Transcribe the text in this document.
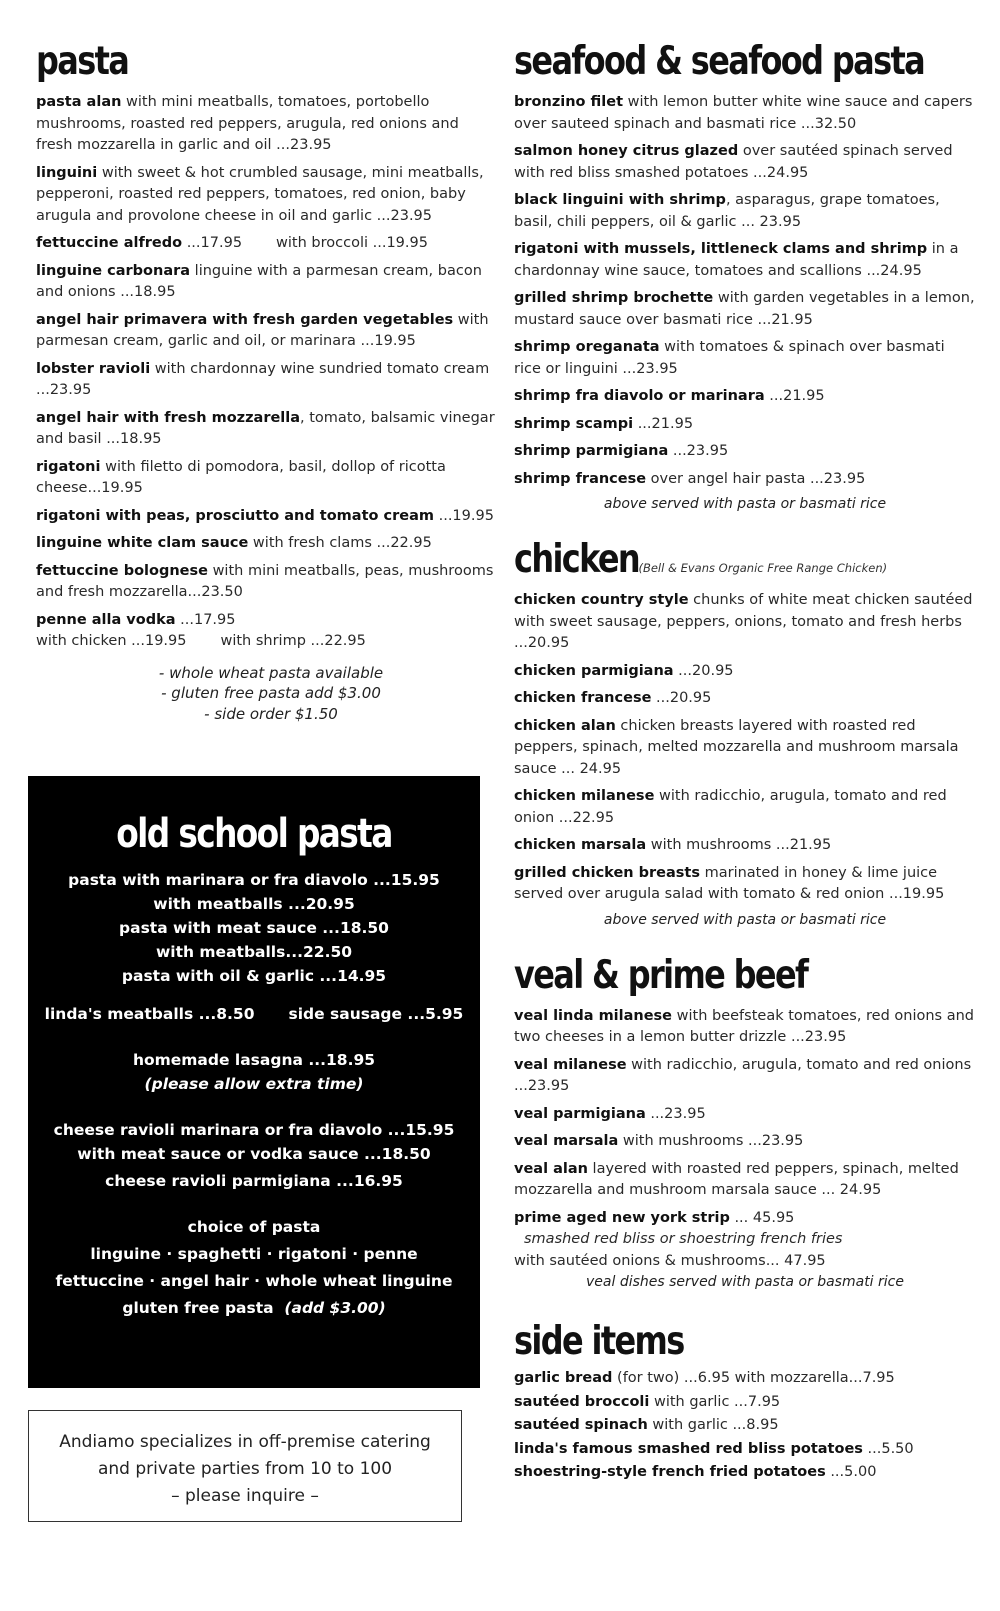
pasta
pasta alan with mini meatballs, tomatoes, portobello mushrooms, roasted red peppers, arugula, red onions and fresh mozzarella in garlic and oil ...23.95
linguini with sweet & hot crumbled sausage, mini meatballs, pepperoni, roasted red peppers, tomatoes, red onion, baby arugula and provolone cheese in oil and garlic ...23.95
fettuccine alfredo ...17.95 with broccoli ...19.95
linguine carbonara linguine with a parmesan cream, bacon and onions ...18.95
angel hair primavera with fresh garden vegetables with parmesan cream, garlic and oil, or marinara ...19.95
lobster ravioli with chardonnay wine sundried tomato cream ...23.95
angel hair with fresh mozzarella, tomato, balsamic vinegar and basil ...18.95
rigatoni with filetto di pomodora, basil, dollop of ricotta cheese...19.95
rigatoni with peas, prosciutto and tomato cream ...19.95
linguine white clam sauce with fresh clams ...22.95
fettuccine bolognese with mini meatballs, peas, mushrooms and fresh mozzarella...23.50
penne alla vodka ...17.95
with chicken ...19.95 with shrimp ...22.95
- whole wheat pasta available
- gluten free pasta add $3.00
- side order $1.50
old school pasta
pasta with marinara or fra diavolo ...15.95
with meatballs ...20.95
pasta with meat sauce ...18.50
with meatballs...22.50
pasta with oil & garlic ...14.95
linda's meatballs ...8.50 side sausage ...5.95
homemade lasagna ...18.95
(please allow extra time)
cheese ravioli marinara or fra diavolo ...15.95
with meat sauce or vodka sauce ...18.50
cheese ravioli parmigiana ...16.95
choice of pasta
linguine · spaghetti · rigatoni · penne
fettuccine · angel hair · whole wheat linguine
gluten free pasta (add $3.00)
Andiamo specializes in off-premise catering
and private parties from 10 to 100
– please inquire –
seafood & seafood pasta
bronzino filet with lemon butter white wine sauce and capers over sauteed spinach and basmati rice ...32.50
salmon honey citrus glazed over sautéed spinach served with red bliss smashed potatoes ...24.95
black linguini with shrimp, asparagus, grape tomatoes, basil, chili peppers, oil & garlic ... 23.95
rigatoni with mussels, littleneck clams and shrimp in a chardonnay wine sauce, tomatoes and scallions ...24.95
grilled shrimp brochette with garden vegetables in a lemon, mustard sauce over basmati rice ...21.95
shrimp oreganata with tomatoes & spinach over basmati rice or linguini ...23.95
shrimp fra diavolo or marinara ...21.95
shrimp scampi ...21.95
shrimp parmigiana ...23.95
shrimp francese over angel hair pasta ...23.95
above served with pasta or basmati rice
chicken (Bell & Evans Organic Free Range Chicken)
chicken country style chunks of white meat chicken sautéed with sweet sausage, peppers, onions, tomato and fresh herbs ...20.95
chicken parmigiana ...20.95
chicken francese ...20.95
chicken alan chicken breasts layered with roasted red peppers, spinach, melted mozzarella and mushroom marsala sauce ... 24.95
chicken milanese with radicchio, arugula, tomato and red onion ...22.95
chicken marsala with mushrooms ...21.95
grilled chicken breasts marinated in honey & lime juice served over arugula salad with tomato & red onion ...19.95
above served with pasta or basmati rice
veal & prime beef
veal linda milanese with beefsteak tomatoes, red onions and two cheeses in a lemon butter drizzle ...23.95
veal milanese with radicchio, arugula, tomato and red onions ...23.95
veal parmigiana ...23.95
veal marsala with mushrooms ...23.95
veal alan layered with roasted red peppers, spinach, melted mozzarella and mushroom marsala sauce ... 24.95
prime aged new york strip ... 45.95
smashed red bliss or shoestring french fries
with sautéed onions & mushrooms... 47.95
veal dishes served with pasta or basmati rice
side items
garlic bread (for two) ...6.95 with mozzarella...7.95
sautéed broccoli with garlic ...7.95
sautéed spinach with garlic ...8.95
linda's famous smashed red bliss potatoes ...5.50
shoestring-style french fried potatoes ...5.00
